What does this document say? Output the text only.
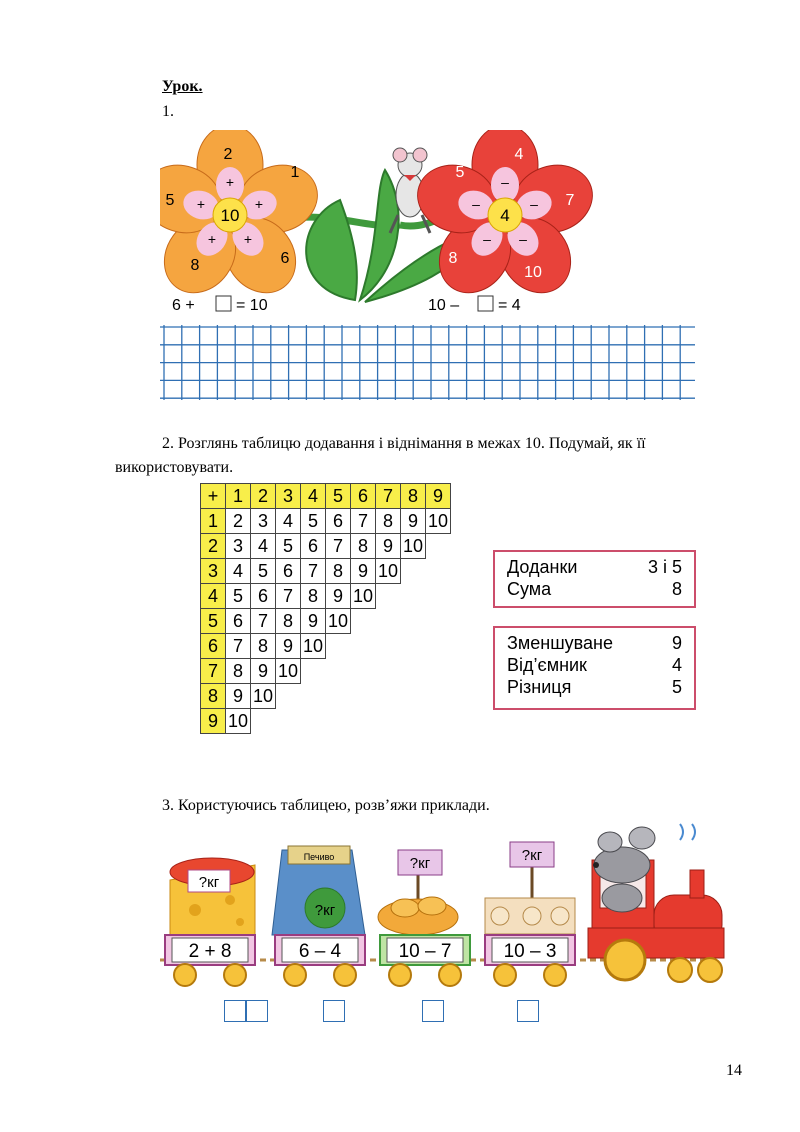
Урок.
1.
10
+
+
+
+
+
2
1
5
8	6
4
–
–
–
–
–
5
4
7
8
10
6 +	= 10	10 – = 4
2. Розглянь таблицю додавання і віднімання в межах 10. Подумай, як її використовувати.
+	1	2	3	4	5	6	7	8	9
1	2	3	4	5	6	7	8	9	10
2	3	4	5	6	7	8	9	10	
3	4	5	6	7	8	9	10		
4	5	6	7	8	9	10			
5	6	7	8	9	10				
6	7	8	9	10					
7	8	9	10						
8	9	10							
9	10								
Доданки	3 і 5
Сума	8
Зменшуване	9
Від’ємник	4
Різниця	5
3. Користуючись таблицею, розв’яжи приклади.
?кг
2 + 8
Печиво
?кг
6 – 4
?кг
10 – 7
?кг
10 – 3
14
